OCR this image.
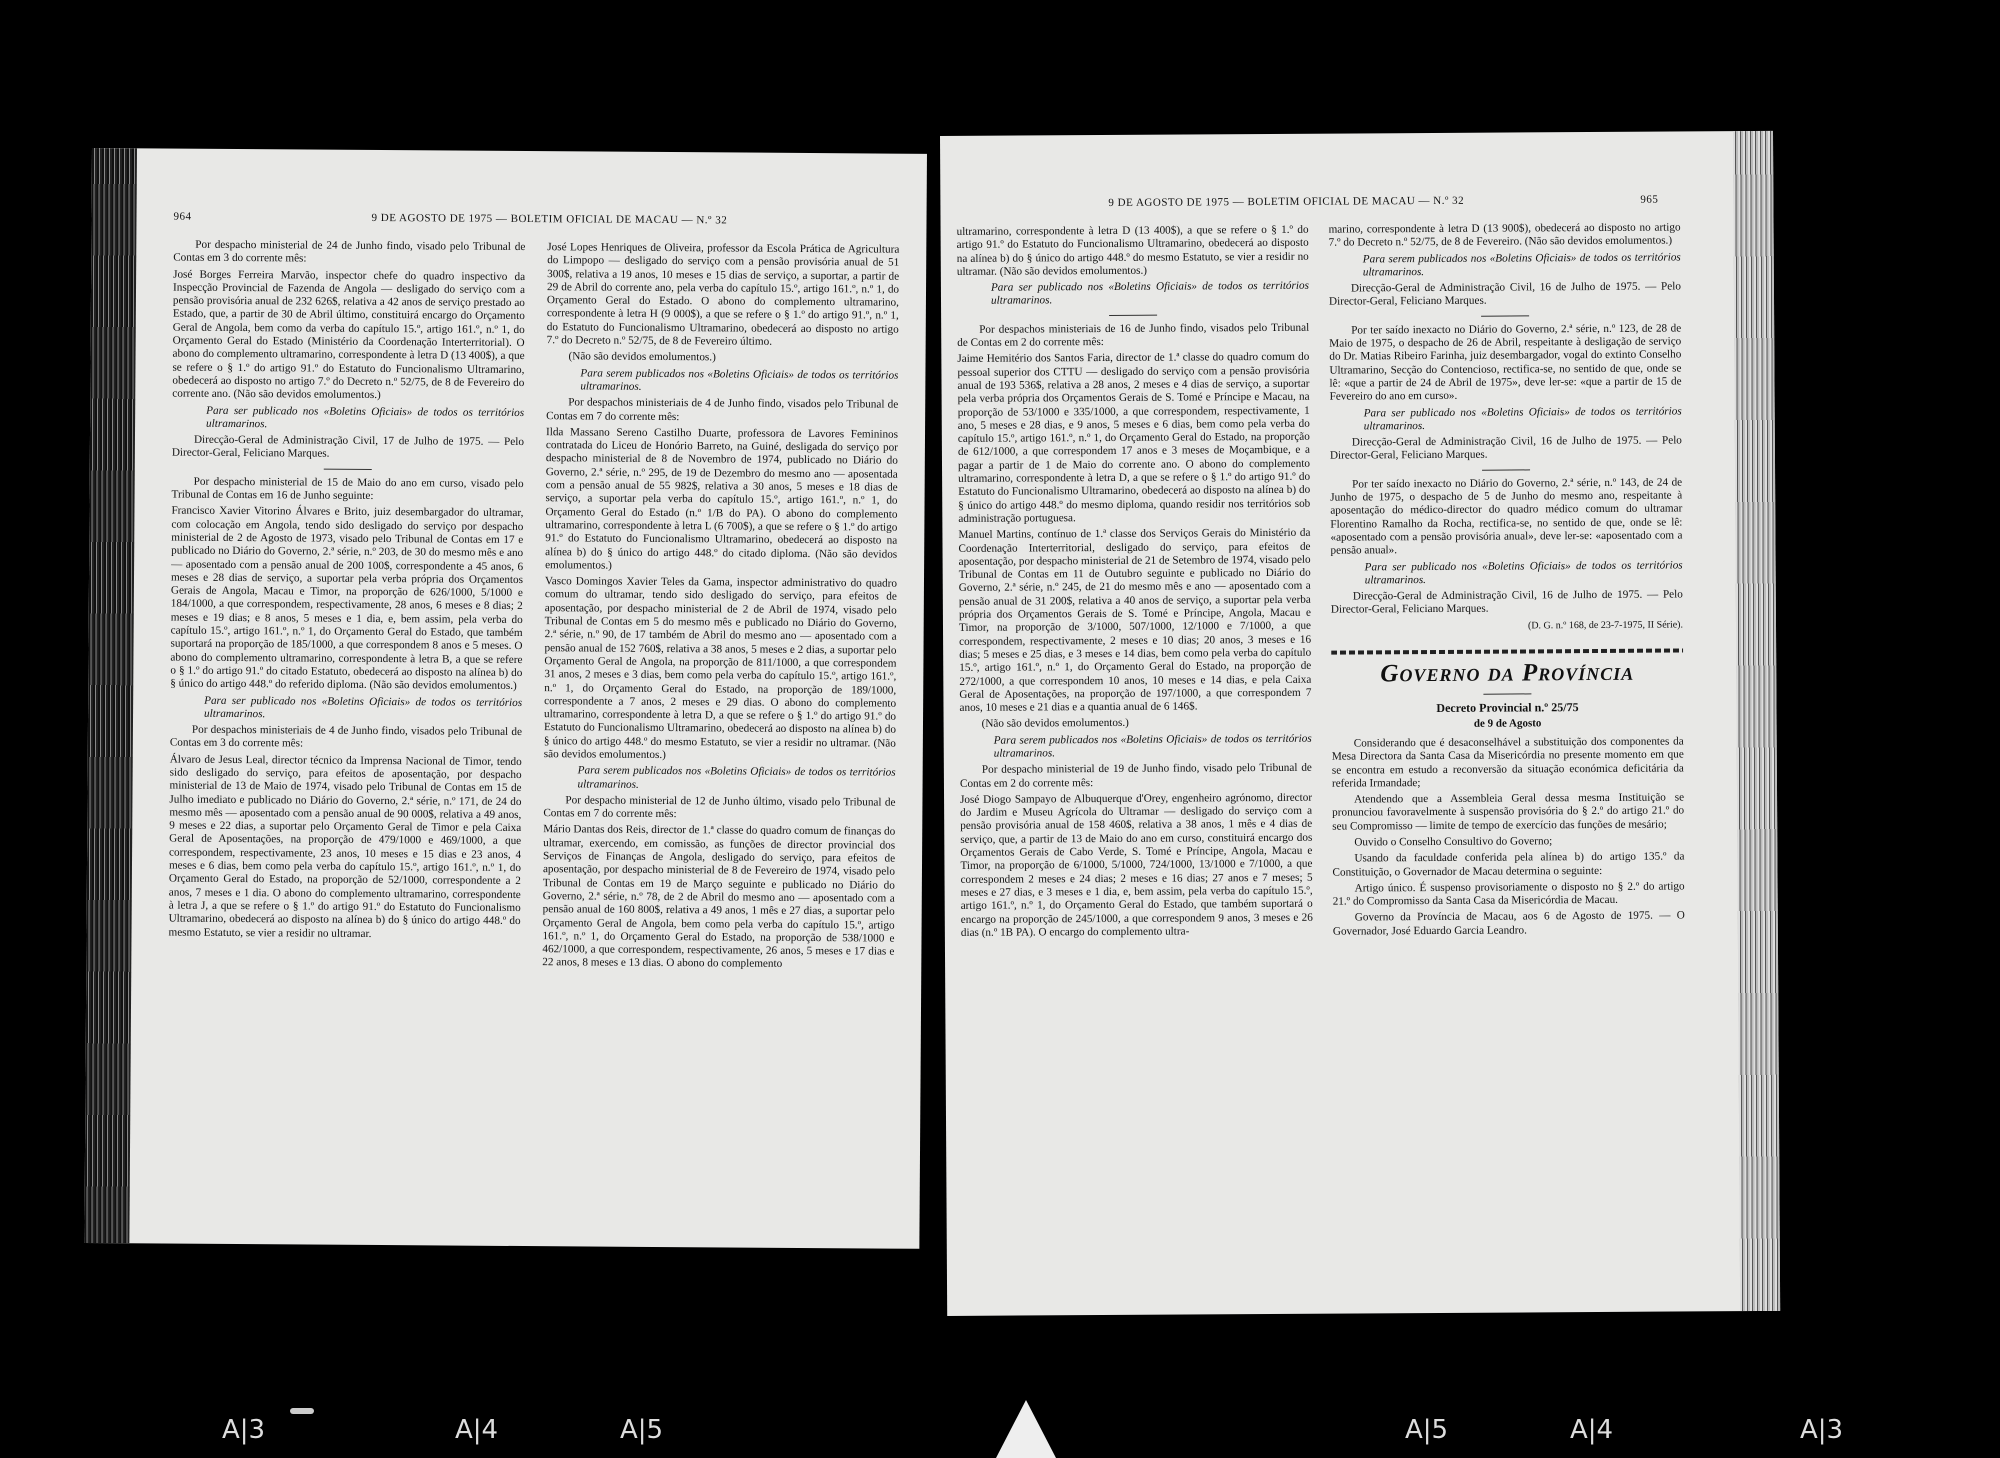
964	9 DE AGOSTO DE 1975 — BOLETIM OFICIAL DE MACAU — N.º 32

Por despacho ministerial de 24 de Junho findo, visado pelo Tribunal de Contas em 3 do corrente mês:

José Borges Ferreira Marvão, inspector chefe do quadro inspectivo da Inspecção Provincial de Fazenda de Angola — desligado do serviço com a pensão provisória anual de 232 626$, relativa a 42 anos de serviço prestado ao Estado, que, a partir de 30 de Abril último, constituirá encargo do Orçamento Geral de Angola, bem como da verba do capítulo 15.º, artigo 161.º, n.º 1, do Orçamento Geral do Estado (Ministério da Coordenação Interterritorial). O abono do complemento ultramarino, correspondente à letra D (13 400$), a que se refere o § 1.º do artigo 91.º do Estatuto do Funcionalismo Ultramarino, obedecerá ao disposto no artigo 7.º do Decreto n.º 52/75, de 8 de Fevereiro do corrente ano. (Não são devidos emolumentos.)

Para ser publicado nos «Boletins Oficiais» de todos os territórios ultramarinos.

Direcção-Geral de Administração Civil, 17 de Julho de 1975. — Pelo Director-Geral, Feliciano Marques.

Por despacho ministerial de 15 de Maio do ano em curso, visado pelo Tribunal de Contas em 16 de Junho seguinte:

Francisco Xavier Vitorino Álvares e Brito, juiz desembargador do ultramar, com colocação em Angola, tendo sido desligado do serviço por despacho ministerial de 2 de Agosto de 1973, visado pelo Tribunal de Contas em 17 e publicado no Diário do Governo, 2.ª série, n.º 203, de 30 do mesmo mês e ano — aposentado com a pensão anual de 200 100$, correspondente a 45 anos, 6 meses e 28 dias de serviço, a suportar pela verba própria dos Orçamentos Gerais de Angola, Macau e Timor, na proporção de 626/1000, 5/1000 e 184/1000, a que correspondem, respectivamente, 28 anos, 6 meses e 8 dias; 2 meses e 19 dias; e 8 anos, 5 meses e 1 dia, e, bem assim, pela verba do capítulo 15.º, artigo 161.º, n.º 1, do Orçamento Geral do Estado, que também suportará na proporção de 185/1000, a que correspondem 8 anos e 5 meses. O abono do complemento ultramarino, correspondente à letra B, a que se refere o § 1.º do artigo 91.º do citado Estatuto, obedecerá ao disposto na alínea b) do § único do artigo 448.º do referido diploma. (Não são devidos emolumentos.)

Para ser publicado nos «Boletins Oficiais» de todos os territórios ultramarinos.

Por despachos ministeriais de 4 de Junho findo, visados pelo Tribunal de Contas em 3 do corrente mês:

Álvaro de Jesus Leal, director técnico da Imprensa Nacional de Timor, tendo sido desligado do serviço, para efeitos de aposentação, por despacho ministerial de 13 de Maio de 1974, visado pelo Tribunal de Contas em 15 de Julho imediato e publicado no Diário do Governo, 2.ª série, n.º 171, de 24 do mesmo mês — aposentado com a pensão anual de 90 000$, relativa a 49 anos, 9 meses e 22 dias, a suportar pelo Orçamento Geral de Timor e pela Caixa Geral de Aposentações, na proporção de 479/1000 e 469/1000, a que correspondem, respectivamente, 23 anos, 10 meses e 15 dias e 23 anos, 4 meses e 6 dias, bem como pela verba do capítulo 15.º, artigo 161.º, n.º 1, do Orçamento Geral do Estado, na proporção de 52/1000, correspondente a 2 anos, 7 meses e 1 dia. O abono do complemento ultramarino, correspondente à letra J, a que se refere o § 1.º do artigo 91.º do Estatuto do Funcionalismo Ultramarino, obedecerá ao disposto na alínea b) do § único do artigo 448.º do mesmo Estatuto, se vier a residir no ultramar.

José Lopes Henriques de Oliveira, professor da Escola Prática de Agricultura do Limpopo — desligado do serviço com a pensão provisória anual de 51 300$, relativa a 19 anos, 10 meses e 15 dias de serviço, a suportar, a partir de 29 de Abril do corrente ano, pela verba do capítulo 15.º, artigo 161.º, n.º 1, do Orçamento Geral do Estado. O abono do complemento ultramarino, correspondente à letra H (9 000$), a que se refere o § 1.º do artigo 91.º, n.º 1, do Estatuto do Funcionalismo Ultramarino, obedecerá ao disposto no artigo 7.º do Decreto n.º 52/75, de 8 de Fevereiro último.

(Não são devidos emolumentos.)

Para serem publicados nos «Boletins Oficiais» de todos os territórios ultramarinos.

Por despachos ministeriais de 4 de Junho findo, visados pelo Tribunal de Contas em 7 do corrente mês:

Ilda Massano Sereno Castilho Duarte, professora de Lavores Femininos contratada do Liceu de Honório Barreto, na Guiné, desligada do serviço por despacho ministerial de 8 de Novembro de 1974, publicado no Diário do Governo, 2.ª série, n.º 295, de 19 de Dezembro do mesmo ano — aposentada com a pensão anual de 55 982$, relativa a 30 anos, 5 meses e 18 dias de serviço, a suportar pela verba do capítulo 15.º, artigo 161.º, n.º 1, do Orçamento Geral do Estado (n.º 1/B do PA). O abono do complemento ultramarino, correspondente à letra L (6 700$), a que se refere o § 1.º do artigo 91.º do Estatuto do Funcionalismo Ultramarino, obedecerá ao disposto na alínea b) do § único do artigo 448.º do citado diploma. (Não são devidos emolumentos.)

Vasco Domingos Xavier Teles da Gama, inspector administrativo do quadro comum do ultramar, tendo sido desligado do serviço, para efeitos de aposentação, por despacho ministerial de 2 de Abril de 1974, visado pelo Tribunal de Contas em 5 do mesmo mês e publicado no Diário do Governo, 2.ª série, n.º 90, de 17 também de Abril do mesmo ano — aposentado com a pensão anual de 152 760$, relativa a 38 anos, 5 meses e 2 dias, a suportar pelo Orçamento Geral de Angola, na proporção de 811/1000, a que correspondem 31 anos, 2 meses e 3 dias, bem como pela verba do capítulo 15.º, artigo 161.º, n.º 1, do Orçamento Geral do Estado, na proporção de 189/1000, correspondente a 7 anos, 2 meses e 29 dias. O abono do complemento ultramarino, correspondente à letra D, a que se refere o § 1.º do artigo 91.º do Estatuto do Funcionalismo Ultramarino, obedecerá ao disposto na alínea b) do § único do artigo 448.º do mesmo Estatuto, se vier a residir no ultramar. (Não são devidos emolumentos.)

Para serem publicados nos «Boletins Oficiais» de todos os territórios ultramarinos.

Por despacho ministerial de 12 de Junho último, visado pelo Tribunal de Contas em 7 do corrente mês:

Mário Dantas dos Reis, director de 1.ª classe do quadro comum de finanças do ultramar, exercendo, em comissão, as funções de director provincial dos Serviços de Finanças de Angola, desligado do serviço, para efeitos de aposentação, por despacho ministerial de 8 de Fevereiro de 1974, visado pelo Tribunal de Contas em 19 de Março seguinte e publicado no Diário do Governo, 2.ª série, n.º 78, de 2 de Abril do mesmo ano — aposentado com a pensão anual de 160 800$, relativa a 49 anos, 1 mês e 27 dias, a suportar pelo Orçamento Geral de Angola, bem como pela verba do capítulo 15.º, artigo 161.º, n.º 1, do Orçamento Geral do Estado, na proporção de 538/1000 e 462/1000, a que correspondem, respectivamente, 26 anos, 5 meses e 17 dias e 22 anos, 8 meses e 13 dias. O abono do complemento

9 DE AGOSTO DE 1975 — BOLETIM OFICIAL DE MACAU — N.º 32	965

ultramarino, correspondente à letra D (13 400$), a que se refere o § 1.º do artigo 91.º do Estatuto do Funcionalismo Ultramarino, obedecerá ao disposto na alínea b) do § único do artigo 448.º do mesmo Estatuto, se vier a residir no ultramar. (Não são devidos emolumentos.)

Para ser publicado nos «Boletins Oficiais» de todos os territórios ultramarinos.

Por despachos ministeriais de 16 de Junho findo, visados pelo Tribunal de Contas em 2 do corrente mês:

Jaime Hemitério dos Santos Faria, director de 1.ª classe do quadro comum do pessoal superior dos CTTU — desligado do serviço com a pensão provisória anual de 193 536$, relativa a 28 anos, 2 meses e 4 dias de serviço, a suportar pela verba própria dos Orçamentos Gerais de S. Tomé e Príncipe e Macau, na proporção de 53/1000 e 335/1000, a que correspondem, respectivamente, 1 ano, 5 meses e 28 dias, e 9 anos, 5 meses e 6 dias, bem como pela verba do capítulo 15.º, artigo 161.º, n.º 1, do Orçamento Geral do Estado, na proporção de 612/1000, a que correspondem 17 anos e 3 meses de Moçambique, e a pagar a partir de 1 de Maio do corrente ano. O abono do complemento ultramarino, correspondente à letra D, a que se refere o § 1.º do artigo 91.º do Estatuto do Funcionalismo Ultramarino, obedecerá ao disposto na alínea b) do § único do artigo 448.º do mesmo diploma, quando residir nos territórios sob administração portuguesa.

Manuel Martins, contínuo de 1.ª classe dos Serviços Gerais do Ministério da Coordenação Interterritorial, desligado do serviço, para efeitos de aposentação, por despacho ministerial de 21 de Setembro de 1974, visado pelo Tribunal de Contas em 11 de Outubro seguinte e publicado no Diário do Governo, 2.ª série, n.º 245, de 21 do mesmo mês e ano — aposentado com a pensão anual de 31 200$, relativa a 40 anos de serviço, a suportar pela verba própria dos Orçamentos Gerais de S. Tomé e Príncipe, Angola, Macau e Timor, na proporção de 3/1000, 507/1000, 12/1000 e 7/1000, a que correspondem, respectivamente, 2 meses e 10 dias; 20 anos, 3 meses e 16 dias; 5 meses e 25 dias, e 3 meses e 14 dias, bem como pela verba do capítulo 15.º, artigo 161.º, n.º 1, do Orçamento Geral do Estado, na proporção de 272/1000, a que correspondem 10 anos, 10 meses e 14 dias, e pela Caixa Geral de Aposentações, na proporção de 197/1000, a que correspondem 7 anos, 10 meses e 21 dias e a quantia anual de 6 146$.

(Não são devidos emolumentos.)

Para serem publicados nos «Boletins Oficiais» de todos os territórios ultramarinos.

Por despacho ministerial de 19 de Junho findo, visado pelo Tribunal de Contas em 2 do corrente mês:

José Diogo Sampayo de Albuquerque d'Orey, engenheiro agrónomo, director do Jardim e Museu Agrícola do Ultramar — desligado do serviço com a pensão provisória anual de 158 460$, relativa a 38 anos, 1 mês e 4 dias de serviço, que, a partir de 13 de Maio do ano em curso, constituirá encargo dos Orçamentos Gerais de Cabo Verde, S. Tomé e Príncipe, Angola, Macau e Timor, na proporção de 6/1000, 5/1000, 724/1000, 13/1000 e 7/1000, a que correspondem 2 meses e 24 dias; 2 meses e 16 dias; 27 anos e 7 meses; 5 meses e 27 dias, e 3 meses e 1 dia, e, bem assim, pela verba do capítulo 15.º, artigo 161.º, n.º 1, do Orçamento Geral do Estado, que também suportará o encargo na proporção de 245/1000, a que correspondem 9 anos, 3 meses e 26 dias (n.º 1B PA). O encargo do complemento ultra-

marino, correspondente à letra D (13 900$), obedecerá ao disposto no artigo 7.º do Decreto n.º 52/75, de 8 de Fevereiro. (Não são devidos emolumentos.)

Para serem publicados nos «Boletins Oficiais» de todos os territórios ultramarinos.

Direcção-Geral de Administração Civil, 16 de Julho de 1975. — Pelo Director-Geral, Feliciano Marques.

Por ter saído inexacto no Diário do Governo, 2.ª série, n.º 123, de 28 de Maio de 1975, o despacho de 26 de Abril, respeitante à desligação de serviço do Dr. Matias Ribeiro Farinha, juiz desembargador, vogal do extinto Conselho Ultramarino, Secção do Contencioso, rectifica-se, no sentido de que, onde se lê: «que a partir de 24 de Abril de 1975», deve ler-se: «que a partir de 15 de Fevereiro do ano em curso».

Para ser publicado nos «Boletins Oficiais» de todos os territórios ultramarinos.

Direcção-Geral de Administração Civil, 16 de Julho de 1975. — Pelo Director-Geral, Feliciano Marques.

Por ter saído inexacto no Diário do Governo, 2.ª série, n.º 143, de 24 de Junho de 1975, o despacho de 5 de Junho do mesmo ano, respeitante à aposentação do médico-director do quadro médico comum do ultramar Florentino Ramalho da Rocha, rectifica-se, no sentido de que, onde se lê: «aposentado com a pensão provisória anual», deve ler-se: «aposentado com a pensão anual».

Para ser publicado nos «Boletins Oficiais» de todos os territórios ultramarinos.

Direcção-Geral de Administração Civil, 16 de Julho de 1975. — Pelo Director-Geral, Feliciano Marques.

(D. G. n.º 168, de 23-7-1975, II Série).

Governo da Província
Decreto Provincial n.º 25/75
de 9 de Agosto

Considerando que é desaconselhável a substituição dos componentes da Mesa Directora da Santa Casa da Misericórdia no presente momento em que se encontra em estudo a reconversão da situação económica deficitária da referida Irmandade;

Atendendo que a Assembleia Geral dessa mesma Instituição se pronunciou favoravelmente à suspensão provisória do § 2.º do artigo 21.º do seu Compromisso — limite de tempo de exercício das funções de mesário;

Ouvido o Conselho Consultivo do Governo;

Usando da faculdade conferida pela alínea b) do artigo 135.º da Constituição, o Governador de Macau determina o seguinte:

Artigo único. É suspenso provisoriamente o disposto no § 2.º do artigo 21.º do Compromisso da Santa Casa da Misericórdia de Macau.

Governo da Província de Macau, aos 6 de Agosto de 1975. — O Governador, José Eduardo Garcia Leandro.

A|3	A|4	A|5	A|5	A|4	A|3
